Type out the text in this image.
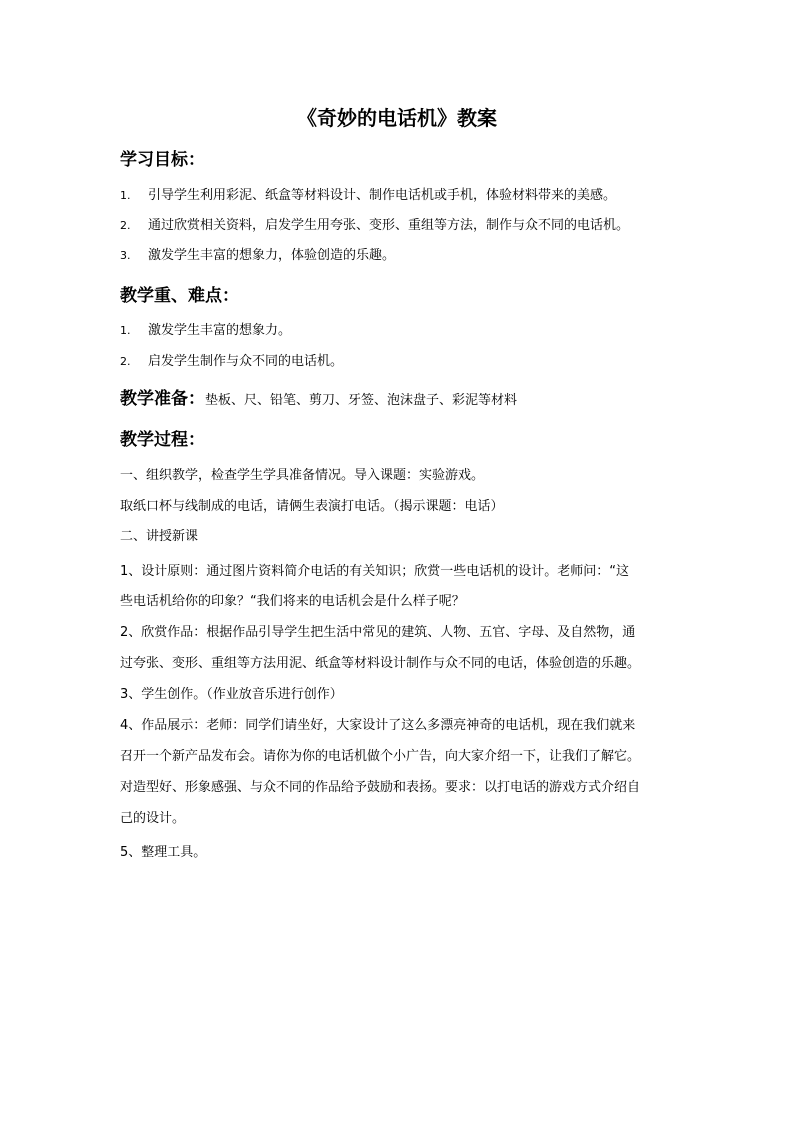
《奇妙的电话机》教案
学习目标：
1. 引导学生利用彩泥、纸盒等材料设计、制作电话机或手机，体验材料带来的美感。
2. 通过欣赏相关资料，启发学生用夸张、变形、重组等方法，制作与众不同的电话机。
3. 激发学生丰富的想象力，体验创造的乐趣。
教学重、难点：
1. 激发学生丰富的想象力。
2. 启发学生制作与众不同的电话机。
教学准备：垫板、尺、铅笔、剪刀、牙签、泡沫盘子、彩泥等材料
教学过程：
一、组织教学，检查学生学具准备情况。导入课题：实验游戏。
取纸口杯与线制成的电话，请俩生表演打电话。（揭示课题：电话）
二、讲授新课
1、设计原则：通过图片资料简介电话的有关知识；欣赏一些电话机的设计。老师问：“这
些电话机给你的印象？“我们将来的电话机会是什么样子呢？
2、欣赏作品：根据作品引导学生把生活中常见的建筑、人物、五官、字母、及自然物，通
过夸张、变形、重组等方法用泥、纸盒等材料设计制作与众不同的电话，体验创造的乐趣。
3、学生创作。（作业放音乐进行创作）
4、作品展示：老师：同学们请坐好，大家设计了这么多漂亮神奇的电话机，现在我们就来
召开一个新产品发布会。请你为你的电话机做个小广告，向大家介绍一下，让我们了解它。
对造型好、形象感强、与众不同的作品给予鼓励和表扬。要求：以打电话的游戏方式介绍自
己的设计。
5、整理工具。
